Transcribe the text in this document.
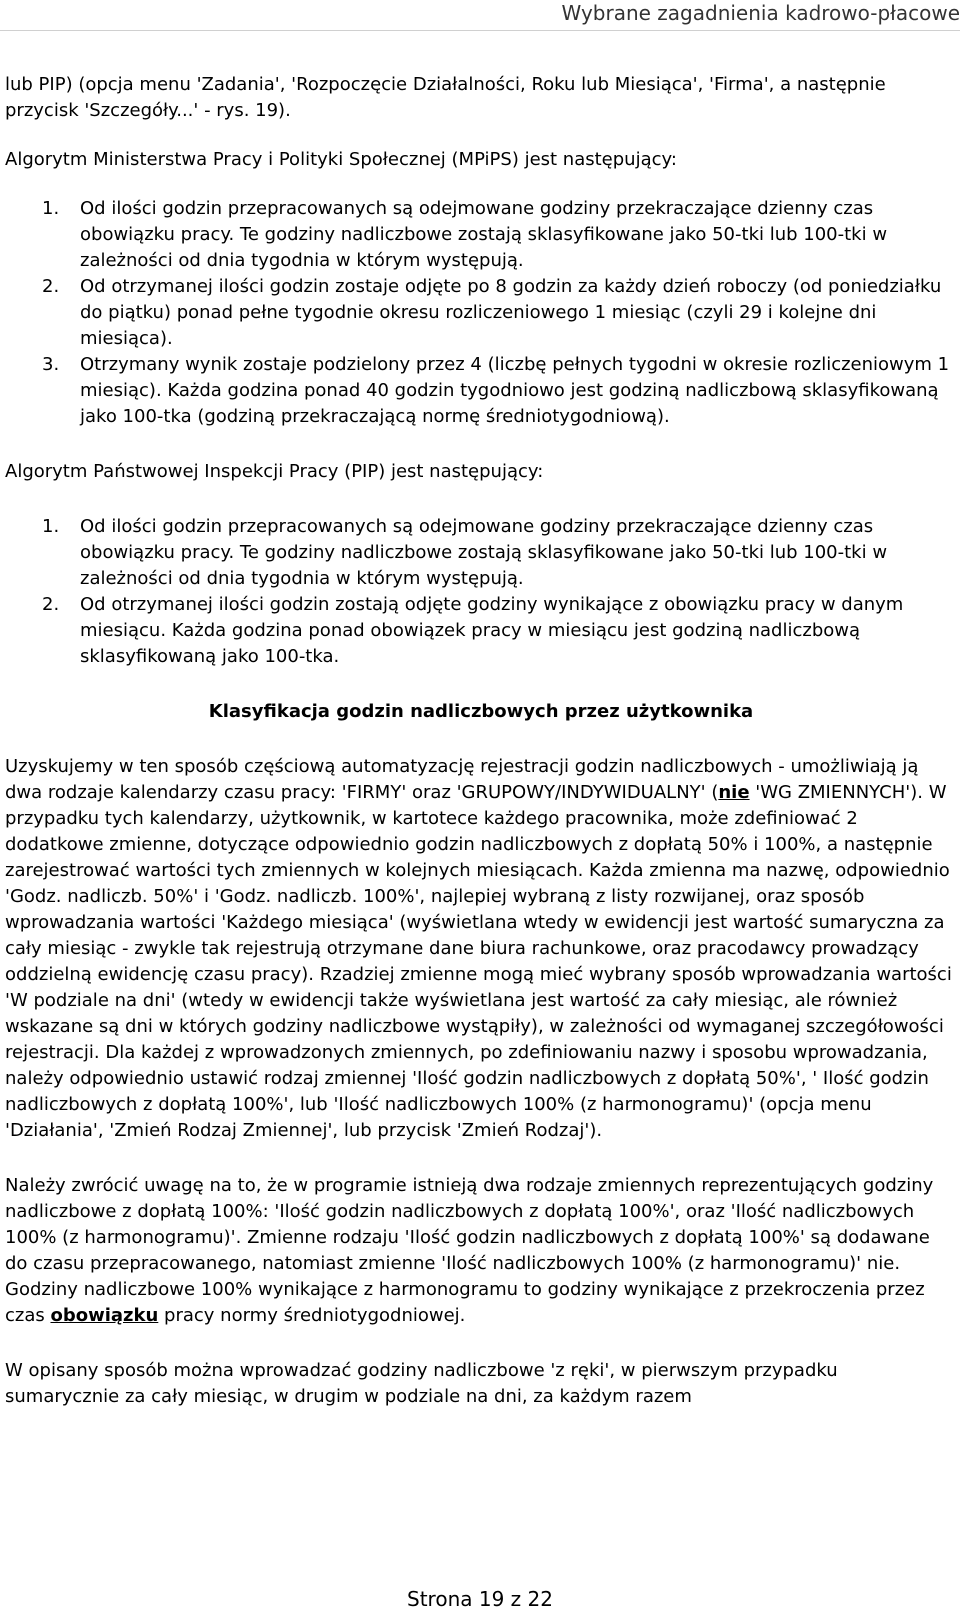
Wybrane zagadnienia kadrowo-płacowe

lub PIP) (opcja menu 'Zadania', 'Rozpoczęcie Działalności, Roku lub Miesiąca', 'Firma', a następnie przycisk 'Szczegóły...' - rys. 19).

Algorytm Ministerstwa Pracy i Polityki Społecznej (MPiPS) jest następujący:

1. Od ilości godzin przepracowanych są odejmowane godziny przekraczające dzienny czas obowiązku pracy. Te godziny nadliczbowe zostają sklasyfikowane jako 50-tki lub 100-tki w zależności od dnia tygodnia w którym występują.
2. Od otrzymanej ilości godzin zostaje odjęte po 8 godzin za każdy dzień roboczy (od poniedziałku do piątku) ponad pełne tygodnie okresu rozliczeniowego 1 miesiąc (czyli 29 i kolejne dni miesiąca).
3. Otrzymany wynik zostaje podzielony przez 4 (liczbę pełnych tygodni w okresie rozliczeniowym 1 miesiąc). Każda godzina ponad 40 godzin tygodniowo jest godziną nadliczbową sklasyfikowaną jako 100-tka (godziną przekraczającą normę średniotygodniową).

Algorytm Państwowej Inspekcji Pracy (PIP) jest następujący:

1. Od ilości godzin przepracowanych są odejmowane godziny przekraczające dzienny czas obowiązku pracy. Te godziny nadliczbowe zostają sklasyfikowane jako 50-tki lub 100-tki w zależności od dnia tygodnia w którym występują.
2. Od otrzymanej ilości godzin zostają odjęte godziny wynikające z obowiązku pracy w danym miesiącu. Każda godzina ponad obowiązek pracy w miesiącu jest godziną nadliczbową sklasyfikowaną jako 100-tka.

Klasyfikacja godzin nadliczbowych przez użytkownika

Uzyskujemy w ten sposób częściową automatyzację rejestracji godzin nadliczbowych - umożliwiają ją dwa rodzaje kalendarzy czasu pracy: 'FIRMY' oraz 'GRUPOWY/INDYWIDUALNY' (nie 'WG ZMIENNYCH'). W przypadku tych kalendarzy, użytkownik, w kartotece każdego pracownika, może zdefiniować 2 dodatkowe zmienne, dotyczące odpowiednio godzin nadliczbowych z dopłatą 50% i 100%, a następnie zarejestrować wartości tych zmiennych w kolejnych miesiącach. Każda zmienna ma nazwę, odpowiednio 'Godz. nadliczb. 50%' i 'Godz. nadliczb. 100%', najlepiej wybraną z listy rozwijanej, oraz sposób wprowadzania wartości 'Każdego miesiąca' (wyświetlana wtedy w ewidencji jest wartość sumaryczna za cały miesiąc - zwykle tak rejestrują otrzymane dane biura rachunkowe, oraz pracodawcy prowadzący oddzielną ewidencję czasu pracy). Rzadziej zmienne mogą mieć wybrany sposób wprowadzania wartości 'W podziale na dni' (wtedy w ewidencji także wyświetlana jest wartość za cały miesiąc, ale również wskazane są dni w których godziny nadliczbowe wystąpiły), w zależności od wymaganej szczegółowości rejestracji. Dla każdej z wprowadzonych zmiennych, po zdefiniowaniu nazwy i sposobu wprowadzania, należy odpowiednio ustawić rodzaj zmiennej 'Ilość godzin nadliczbowych z dopłatą 50%', ' Ilość godzin nadliczbowych z dopłatą 100%', lub 'Ilość nadliczbowych 100% (z harmonogramu)' (opcja menu 'Działania', 'Zmień Rodzaj Zmiennej', lub przycisk 'Zmień Rodzaj').

Należy zwrócić uwagę na to, że w programie istnieją dwa rodzaje zmiennych reprezentujących godziny nadliczbowe z dopłatą 100%: 'Ilość godzin nadliczbowych z dopłatą 100%', oraz 'Ilość nadliczbowych 100% (z harmonogramu)'. Zmienne rodzaju 'Ilość godzin nadliczbowych z dopłatą 100%' są dodawane do czasu przepracowanego, natomiast zmienne 'Ilość nadliczbowych 100% (z harmonogramu)' nie. Godziny nadliczbowe 100% wynikające z harmonogramu to godziny wynikające z przekroczenia przez czas obowiązku pracy normy średniotygodniowej.

W opisany sposób można wprowadzać godziny nadliczbowe 'z ręki', w pierwszym przypadku sumarycznie za cały miesiąc, w drugim w podziale na dni, za każdym razem

Strona 19 z 22
